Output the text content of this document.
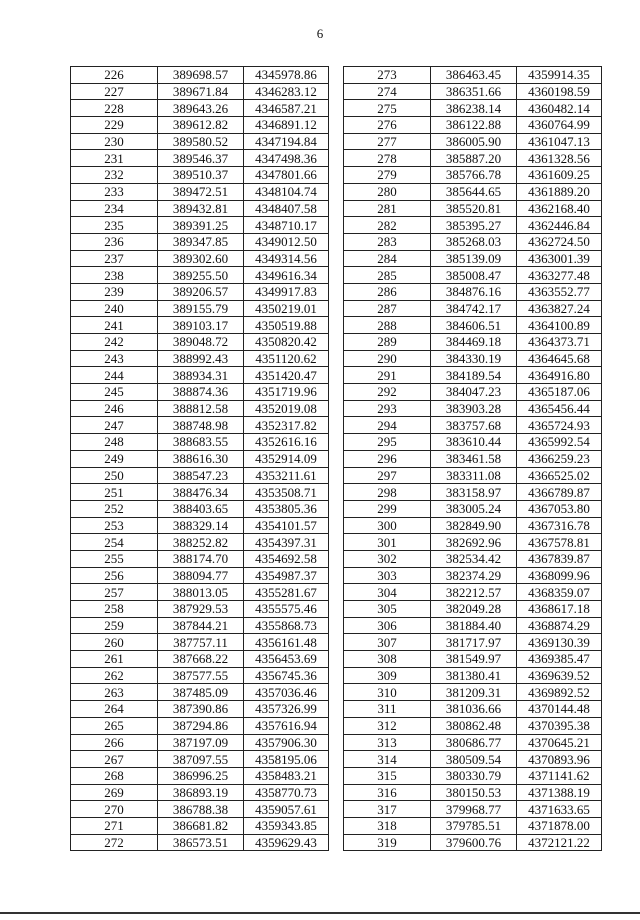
6
226	389698.57	4345978.86
227	389671.84	4346283.12
228	389643.26	4346587.21
229	389612.82	4346891.12
230	389580.52	4347194.84
231	389546.37	4347498.36
232	389510.37	4347801.66
233	389472.51	4348104.74
234	389432.81	4348407.58
235	389391.25	4348710.17
236	389347.85	4349012.50
237	389302.60	4349314.56
238	389255.50	4349616.34
239	389206.57	4349917.83
240	389155.79	4350219.01
241	389103.17	4350519.88
242	389048.72	4350820.42
243	388992.43	4351120.62
244	388934.31	4351420.47
245	388874.36	4351719.96
246	388812.58	4352019.08
247	388748.98	4352317.82
248	388683.55	4352616.16
249	388616.30	4352914.09
250	388547.23	4353211.61
251	388476.34	4353508.71
252	388403.65	4353805.36
253	388329.14	4354101.57
254	388252.82	4354397.31
255	388174.70	4354692.58
256	388094.77	4354987.37
257	388013.05	4355281.67
258	387929.53	4355575.46
259	387844.21	4355868.73
260	387757.11	4356161.48
261	387668.22	4356453.69
262	387577.55	4356745.36
263	387485.09	4357036.46
264	387390.86	4357326.99
265	387294.86	4357616.94
266	387197.09	4357906.30
267	387097.55	4358195.06
268	386996.25	4358483.21
269	386893.19	4358770.73
270	386788.38	4359057.61
271	386681.82	4359343.85
272	386573.51	4359629.43
273	386463.45	4359914.35
274	386351.66	4360198.59
275	386238.14	4360482.14
276	386122.88	4360764.99
277	386005.90	4361047.13
278	385887.20	4361328.56
279	385766.78	4361609.25
280	385644.65	4361889.20
281	385520.81	4362168.40
282	385395.27	4362446.84
283	385268.03	4362724.50
284	385139.09	4363001.39
285	385008.47	4363277.48
286	384876.16	4363552.77
287	384742.17	4363827.24
288	384606.51	4364100.89
289	384469.18	4364373.71
290	384330.19	4364645.68
291	384189.54	4364916.80
292	384047.23	4365187.06
293	383903.28	4365456.44
294	383757.68	4365724.93
295	383610.44	4365992.54
296	383461.58	4366259.23
297	383311.08	4366525.02
298	383158.97	4366789.87
299	383005.24	4367053.80
300	382849.90	4367316.78
301	382692.96	4367578.81
302	382534.42	4367839.87
303	382374.29	4368099.96
304	382212.57	4368359.07
305	382049.28	4368617.18
306	381884.40	4368874.29
307	381717.97	4369130.39
308	381549.97	4369385.47
309	381380.41	4369639.52
310	381209.31	4369892.52
311	381036.66	4370144.48
312	380862.48	4370395.38
313	380686.77	4370645.21
314	380509.54	4370893.96
315	380330.79	4371141.62
316	380150.53	4371388.19
317	379968.77	4371633.65
318	379785.51	4371878.00
319	379600.76	4372121.22
